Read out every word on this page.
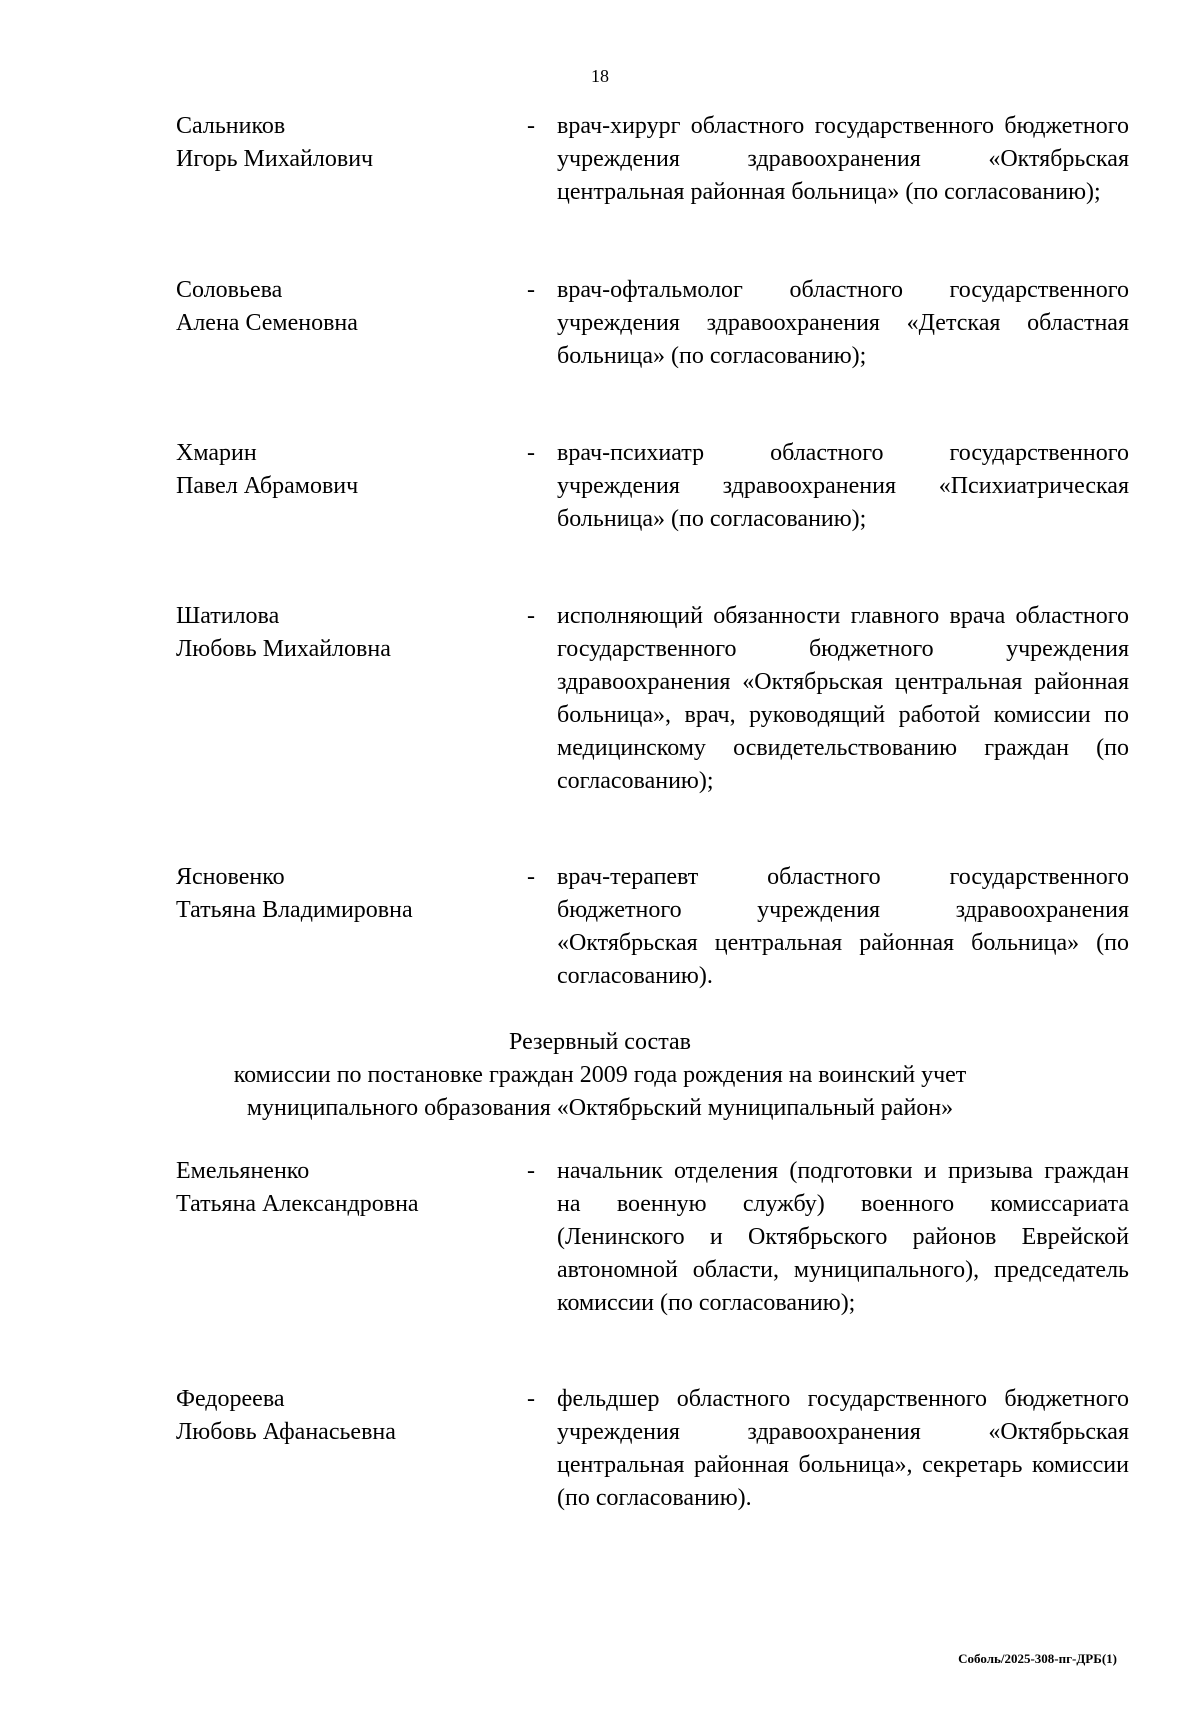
18
Сальников
Игорь Михайлович
- врач-хирург областного государственного бюджетного учреждения здравоохранения «Октябрьская центральная районная больница» (по согласованию);
Соловьева
Алена Семеновна
- врач-офтальмолог областного государственного учреждения здравоохранения «Детская областная больница» (по согласованию);
Хмарин
Павел Абрамович
- врач-психиатр областного государственного учреждения здравоохранения «Психиатрическая больница» (по согласованию);
Шатилова
Любовь Михайловна
- исполняющий обязанности главного врача областного государственного бюджетного учреждения здравоохранения «Октябрьская центральная районная больница», врач, руководящий работой комиссии по медицинскому освидетельствованию граждан (по согласованию);
Ясновенко
Татьяна Владимировна
- врач-терапевт областного государственного бюджетного учреждения здравоохранения «Октябрьская центральная районная больница» (по согласованию).
Резервный состав
комиссии по постановке граждан 2009 года рождения на воинский учет
муниципального образования «Октябрьский муниципальный район»
Емельяненко
Татьяна Александровна
- начальник отделения (подготовки и призыва граждан на военную службу) военного комиссариата (Ленинского и Октябрьского районов Еврейской автономной области, муниципального), председатель комиссии (по согласованию);
Федореева
Любовь Афанасьевна
- фельдшер областного государственного бюджетного учреждения здравоохранения «Октябрьская центральная районная больница», секретарь комиссии (по согласованию).
Соболь/2025-308-пг-ДРБ(1)
